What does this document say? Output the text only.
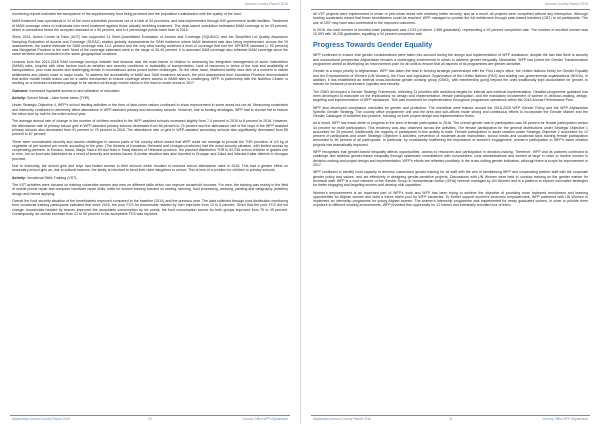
Annual Country Report 2016

monitoring reports indicated the acceptance of the supplementary food being provided and the population's satisfaction with the quality of the food.

MAM treatment was operational in 24 of the most vulnerable provinces out of a total of 34 provinces, and was implemented through 549 government health facilities. Treatment of MAM coverage refers to individuals who need treatment against those actually receiving treatment. The desk-based calculation estimated MAM coverage to be 43 percent, which is considered below the accepted standard of ≥ 50 percent, and in 4 percentage points lower than in 2015.

Since 2014, Action Contre la Faim (ACF) has supported 14 Semi-Quantitative Evaluation of Access and Coverage (SQUEAC) and the Simplified Lot Quality Assurance Sampling Evaluation of Access and Coverage (SLEAC) studies globally. Assessments for SAM incidence where MAM treatment was also being implemented. Across the 19 assessments, the lowest estimate for SAM coverage was 14.4 percent and the only area having achieved a level of coverage that met the SPHERE standard (> 50 percent) was Nangarhar Province in the east. Most of the coverage estimates were in the range of 30-40 percent. It is assumed SAM coverage also reflected MAM coverage since the same services were conducted in the same geographical locations.

Lessons from the 2014-2016 SAM coverage surveys indicate that distance was the main barrier in relation to accessing the integrated management of acute malnutrition (IMAM) sites, coupled with other factors such as weather and security conditions or availability of transportation. Lack of resources in terms of the cost and availability of transportation, poor road access and challenging terrain in mountainous areas posed further challenges. On the other hand, treatment facility uses lack of a concern in nature settlements and places close to major roads. To address the accessibility of MAM and SAM treatment services, the pilot assessment from Kandahar Province demonstrated that active mobile health teams can be a useful mechanism to ensure coverage where access to IMAM sites is challenging. WFP, in partnership with the Nutrition Cluster, is working on a minimum treatment package to be carried out through mobile clinics in the hard-to-reach areas in 2017.

Outcome: Increased equitable access to and utilisation of education.

Activity: School Meals – take home ration (THR).

Under Strategic Objective 4, WFP's school feeding activities in the form of take-home rations continued to show improvement in some areas but not all. Measuring constraints and insecurity continued to adversely affect attendance in WFP-assisted primary and secondary schools. However, due to funding shortages, WFP had to choose but to reduce the ration size by half for the entire school year.

The average annual rate of change in the number of children enrolled in the WFP-assisted schools increased slightly from 7.4 percent in 2015 to 8 percent in 2016. However, the attendance rate of primary school girls in WFP-assisted primary schools decreased from 86 percent to 74 percent and the attendance rate of the boys in the WFP-assisted primary schools also decreased from 91 percent to 75 percent in 2016. The attendance rate of girls in WFP-assisted secondary schools also significantly decreased from 85 percent to 67 percent.

There were considerable security and access challenges in various parts of the country which meant that WFP could not manage to provide the THR provision of 4.5 kg of vegetable oil per student per month according to the plan. (The districts of Kandahar, Helmand and Uruzgan provinces) had the worst security situation, with limited access by cooperating partners. In Kunduz, Nawa, Marja, Nad-e Ali and Nahr-e Saraj districts of Helmand province, the planned distribution THR to 52,916 school children in grades one to nine, but no food was distributed as a result of security and access issues. A similar situation was also reported in Oruzgan and Zabul and Wardak Kaltar districts in Uruzgan province.

Due to insecurity, the school girls and boys had limited access to their schools which resulted in reduced school attendance rates in 2016. This had a greater effect on secondary school girls as, due to cultural reasons, the family is reluctant to send their older daughters to school. This is less of a problem for children in primary schools.

Activity: Vocational Skills Training (VST).

The VST activities were focused on training vulnerable women and men on different skills which can improve household incomes. For men, the training was mainly in the field of mobile phone repair and computer hardware repair skills, while for women training focused on sewing, tailoring, food processing, weaving, painting and calligraphy, jewellery design and henna applying.

Overall the food security situation of the beneficiaries improved compared to the baseline (2014) and the previous year. The data collected through post-distribution monitoring from vocational training participants indicated that since 2015, the poor FCS for households headed by men improved from 13 to 5 percent. Given that the poor FCS did not change, households headed by women improved the acceptable consumption by six points, the food consumption scores for both groups improved from 70 to 45 percent. Consequently, an overall increase from 22 to 50 percent in the acceptable FCS was reported.

Afghanistan Annual Country Report 2016	20	Country Office WFP Afghanistan
Annual Country Report 2016

All VST projects were implemented in urban or peri-urban areas with relatively better security, and as a result, all projects were completed without any interruption. Although funding constraints meant that fewer beneficiaries could be reached, WFP managed to provide the full entitlement through cash-based transfers (CBT) to all participants. The use of CBT may have also contributed to the improved outcomes.

In 2016, the total number of enrolled male participants was 2,019 (of whom 1,958 graduated), representing a 92 percent completion rate. The number of enrolled women was 19,393 with 18,238 graduates, equalling a 94 percent completion rate.

Progress Towards Gender Equality

WFP continued to ensure that gender considerations were taken into account during the design and implementation of WFP assistance, despite the fact that there is security and sociocultural perspective Afghanistan remains a challenging environment in which to address gender inequality. Meanwhile, WFP has joined the Gender Transformation programme aimed at developing an 'improvement plan' for all units to ensure that all aspects of its programmes are gender-sensitive.

Gender is a major priority in Afghanistan. WFP has taken the lead in forming strategic partnerships with the First Lady's office, the United Nations Entity for Gender Equality and the Empowerment of Women (UN Women), the Food and Agriculture Organization of the United Nations (FAO) and leading non-governmental organisations (NGOs). In addition, it has established an internal cross-functional gender working group (GWG), with membership going beyond the units traditionally kept accountable for gender, to include for instance procurement, logistics and security.

The GWG developed a Gender Strategy Framework, reflecting 11 priorities with ambitious targets for internal and external implementation. Detailed programme guidance has been developed to elaborate on the implications for design and implementation, female participation, and the mandatory involvement of women in decision-making, design, targeting and implementation of WFP assistance. This was monitored for implementation throughout programme operations within the 2016 Annual Performance Plan.

WFP also developed compliance checklists for gender and protection. The checklists were framed around the 2015-2020 WFP Gender Policy and the WFP Afghanistan Specific Gender Strategy. The country office programme unit and the area and sub-offices made strong and continuous efforts to incorporate the Gender Marker and the Gender Catalogue of Activities into practice, focusing on both project design and implementation levels.

As a result, WFP has made stride of progress in the area of female participation in 2016. The overall gender ratio in participation was 56 percent for female participation versus 44 percent for male participation. This tendency was also observed across the activities. The female participation for the general distributions under Strategic Objective 1 accounted for 25 percent, traditionally the majority of participants in this activity is male. Female participation in asset creation under Strategic Objective 2 accounted for 12 percent of participants and under Strategic Objective 4 activities, prevention of moderate acute malnutrition, school meals and vocational skills training female participation amounted to 66 percent of all participants. In particular, by consistently reaffirming the importance of women's engagement, women's participation in WFP's asset creation projects has dramatically improved.

WFP recognises that gender-based inequality affects opportunities, access to resources and participation in decision-making. Therefore, WFP and its partners continued to challenge and address gender-based inequality through systematic consultations with communities, local administrations and women at large in order to involve women in decision-making and project design and implementation. WFP's efforts are reflected positively in the cross-cutting gender indicators, although there is scope for improvement in 2017.

WFP continued to identify local capacity to develop customised gender training for all staff with the aim of familiarising WFP and cooperating partner staff with the corporate gender policy and values, and act effectively in designing gender-sensitive projects. Discussions with UN Women were held to conduct training on the gender marker for technical staff. WFP is a core member of the Gender Group in Humanitarian Action (GiHA) network managed by UN Women and is a platform to explore innovative strategies for better engaging and targeting women and develop skill capacities.

Women's empowerment is an important part of WFP's work and WFP has been trying to achieve the objective of providing more balanced recruitment and learning opportunities for Afghan women and build a future talent pool for WFP vacancies. To further support women's economic empowerment, WFP partnered with UN Women to implement an internship programme for young Afghan women. The women's internship programme was implemented for newly graduated women, in order to provide them exposure to different working environments. WFP provided this opportunity for 12 interns and eventually recruited four of them.

Afghanistan Annual Country Report 2016	21	Country Office WFP Afghanistan
